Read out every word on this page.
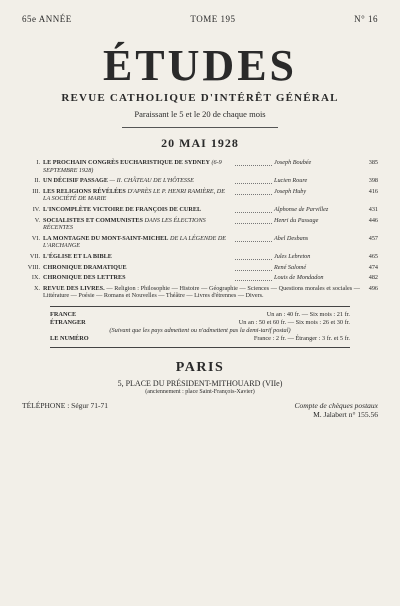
65e ANNÉE	TOME 195	N° 16
ÉTUDES
REVUE CATHOLIQUE D'INTÉRÊT GÉNÉRAL
Paraissant le 5 et le 20 de chaque mois
20 MAI 1928
I. LE PROCHAIN CONGRÈS EUCHARISTIQUE DE SYDNEY (6-9 SEPTEMBRE 1928)
Joseph Boubée	385
II. UN DÉCISIF PASSAGE — II. CHÂTEAU DE L'HÔTESSE	Lucien Roure	398
III. LES RELIGIONS RÉVÉLÉES D'APRÈS LE P. HENRI RAMIÈRE, DE LA SOCIÉTÉ DE MARIE
Joseph Huby	416
IV. L'INCOMPLÈTE VICTOIRE DE FRANÇOIS DE CUREL	Alphonse de Parvillez	431
V. SOCIALISTES ET COMMUNISTES DANS LES ÉLECTIONS RÉCENTES
Henri du Passage	446
VI. LA MONTAGNE DU MONT-SAINT-MICHEL DE LA LÉGENDE DE L'ARCHANGE
Abel Desbans	457
VII. L'ÉGLISE ET LA BIBLE	Jules Lebreton	465
VIII. CHRONIQUE DRAMATIQUE	René Salomé	474
IX. CHRONIQUE DES LETTRES	Louis de Mondadon	482
X. REVUE DES LIVRES. — Religion : Philosophie — Histoire — Géographie — Sciences — Questions morales et sociales — Littérature — Poésie — Romans et Nouvelles — Théâtre — Livres d'étrennes — Divers.
496
FRANCE	Un an : 40 fr. — Six mois : 21 fr.
ÉTRANGER	Un an : 50 et 60 fr. — Six mois : 26 et 30 fr.
(Suivant que les pays admettent ou n'admettent pas la demi-tarif postal)
LE NUMÉRO	France : 2 fr. — Étranger : 3 fr. et 5 fr.
PARIS
5, PLACE DU PRÉSIDENT-MITHOUARD (VIIe)
(anciennement : place Saint-François-Xavier)
TÉLÉPHONE : Ségur 71-71	Compte de chèques postaux
M. Jalabert n° 155.56
